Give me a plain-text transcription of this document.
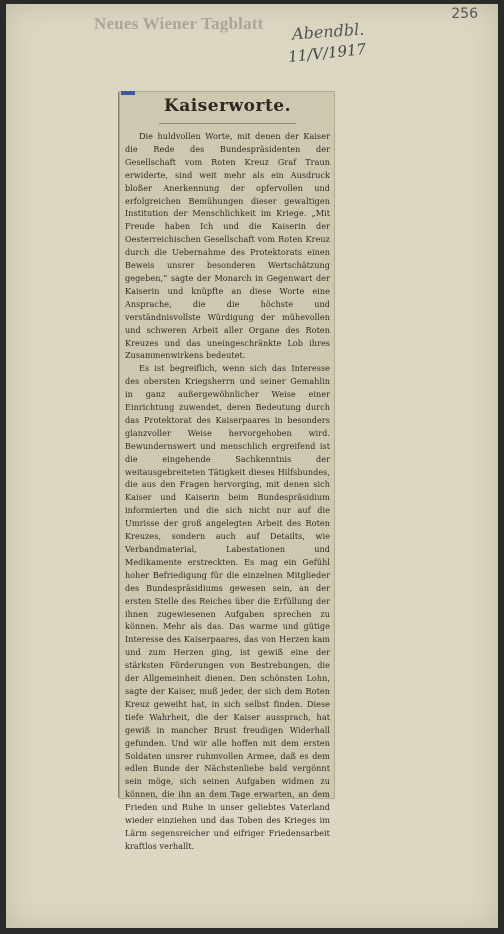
Neues Wiener Tagblatt Abendbl.
11/V/1917
256
Kaiserworte.

Die huldvollen Worte, mit denen der Kaiser die Rede des Bundespräsidenten der Gesellschaft vom Roten Kreuz Graf Traun erwiderte, sind weit mehr als ein Ausdruck bloßer Anerkennung der opfervollen und erfolgreichen Bemühungen dieser gewaltigen Institution der Menschlichkeit im Kriege. „Mit Freude haben Ich und die Kaiserin der Oesterreichischen Gesellschaft vom Roten Kreuz durch die Uebernahme des Protektorats einen Beweis unsrer besonderen Wertschätzung gegeben,“ sagte der Monarch in Gegenwart der Kaiserin und knüpfte an diese Worte eine Ansprache, die die höchste und verständnisvollste Würdigung der mühevollen und schweren Arbeit aller Organe des Roten Kreuzes und das uneingeschränkte Lob ihres Zusammenwirkens bedeutet.

Es ist begreiflich, wenn sich das Interesse des obersten Kriegsherrn und seiner Gemahlin in ganz außergewöhnlicher Weise einer Einrichtung zuwendet, deren Bedeutung durch das Protektorat des Kaiserpaares in besonders glanzvoller Weise hervorgehoben wird. Bewundernswert und menschlich ergreifend ist die eingehende Sachkenntnis der weitausgebreiteten Tätigkeit dieses Hilfsbundes, die aus den Fragen hervorging, mit denen sich Kaiser und Kaiserin beim Bundespräsidium informierten und die sich nicht nur auf die Umrisse der groß angelegten Arbeit des Roten Kreuzes, sondern auch auf Detailts, wie Verbandmaterial, Labestationen und Medikamente erstreckten. Es mag ein Gefühl hoher Befriedigung für die einzelnen Mitglieder des Bundespräsidiums gewesen sein, an der ersten Stelle des Reiches über die Erfüllung der ihnen zugewiesenen Aufgaben sprechen zu können. Mehr als das. Das warme und gütige Interesse des Kaiserpaares, das von Herzen kam und zum Herzen ging, ist gewiß eine der stärksten Förderungen von Bestrebungen, die der Allgemeinheit dienen. Den schönsten Lohn, sagte der Kaiser, muß jeder, der sich dem Roten Kreuz geweiht hat, in sich selbst finden. Diese tiefe Wahrheit, die der Kaiser aussprach, hat gewiß in mancher Brust freudigen Widerhall gefunden. Und wir alle hoffen mit dem ersten Soldaten unsrer ruhmvollen Armee, daß es dem edlen Bunde der Nächstenliebe bald vergönnt sein möge, sich seinen Aufgaben widmen zu können, die ihn an dem Tage erwarten, an dem Frieden und Ruhe in unser geliebtes Vaterland wieder einziehen und das Toben des Krieges im Lärm segensreicher und eifriger Friedensarbeit kraftlos verhallt.
